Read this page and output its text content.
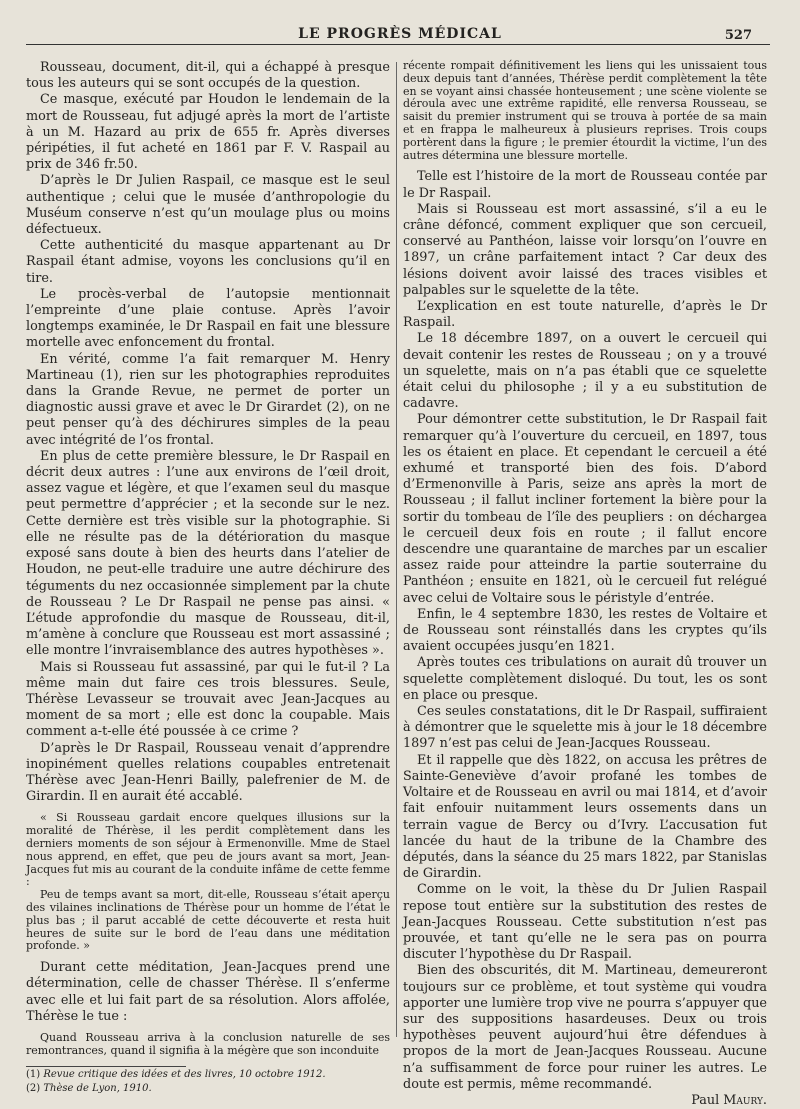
LE PROGRÈS MÉDICAL	527

Rousseau, document, dit-il, qui a échappé à presque tous les auteurs qui se sont occupés de la question.

Ce masque, exécuté par Houdon le lendemain de la mort de Rousseau, fut adjugé après la mort de l’artiste à un M. Hazard au prix de 655 fr. Après diverses péripéties, il fut acheté en 1861 par F. V. Raspail au prix de 346 fr.50.

D’après le Dr Julien Raspail, ce masque est le seul authentique ; celui que le musée d’anthropologie du Muséum conserve n’est qu’un moulage plus ou moins défectueux.

Cette authenticité du masque appartenant au Dr Raspail étant admise, voyons les conclusions qu’il en tire.

Le procès-verbal de l’autopsie mentionnait l’empreinte d’une plaie contuse. Après l’avoir longtemps examinée, le Dr Raspail en fait une blessure mortelle avec enfoncement du frontal.

En vérité, comme l’a fait remarquer M. Henry Martineau (1), rien sur les photographies reproduites dans la Grande Revue, ne permet de porter un diagnostic aussi grave et avec le Dr Girardet (2), on ne peut penser qu’à des déchirures simples de la peau avec intégrité de l’os frontal.

En plus de cette première blessure, le Dr Raspail en décrit deux autres : l’une aux environs de l’œil droit, assez vague et légère, et que l’examen seul du masque peut permettre d’apprécier ; et la seconde sur le nez. Cette dernière est très visible sur la photographie. Si elle ne résulte pas de la détérioration du masque exposé sans doute à bien des heurts dans l’atelier de Houdon, ne peut-elle traduire une autre déchirure des téguments du nez occasionnée simplement par la chute de Rousseau ? Le Dr Raspail ne pense pas ainsi. « L’étude approfondie du masque de Rousseau, dit-il, m’amène à conclure que Rousseau est mort assassiné ; elle montre l’invraisemblance des autres hypothèses ».

Mais si Rousseau fut assassiné, par qui le fut-il ? La même main dut faire ces trois blessures. Seule, Thérèse Levasseur se trouvait avec Jean-Jacques au moment de sa mort ; elle est donc la coupable. Mais comment a-t-elle été poussée à ce crime ?

D’après le Dr Raspail, Rousseau venait d’apprendre inopinément quelles relations coupables entretenait Thérèse avec Jean-Henri Bailly, palefrenier de M. de Girardin. Il en aurait été accablé.

« Si Rousseau gardait encore quelques illusions sur la moralité de Thérèse, il les perdit complètement dans les derniers moments de son séjour à Ermenonville. Mme de Stael nous apprend, en effet, que peu de jours avant sa mort, Jean-Jacques fut mis au courant de la conduite infâme de cette femme :

Peu de temps avant sa mort, dit-elle, Rousseau s’était aperçu des vilaines inclinations de Thérèse pour un homme de l’état le plus bas ; il parut accablé de cette découverte et resta huit heures de suite sur le bord de l’eau dans une méditation profonde. »

Durant cette méditation, Jean-Jacques prend une détermination, celle de chasser Thérèse. Il s’enferme avec elle et lui fait part de sa résolution. Alors affolée, Thérèse le tue :

Quand Rousseau arriva à la conclusion naturelle de ses remontrances, quand il signifia à la mégère que son inconduite

(1) Revue critique des idées et des livres, 10 octobre 1912.
(2) Thèse de Lyon, 1910.

récente rompait définitivement les liens qui les unissaient tous deux depuis tant d’années, Thérèse perdit complètement la tête en se voyant ainsi chassée honteusement ; une scène violente se déroula avec une extrême rapidité, elle renversa Rousseau, se saisit du premier instrument qui se trouva à portée de sa main et en frappa le malheureux à plusieurs reprises. Trois coups portèrent dans la figure ; le premier étourdit la victime, l’un des autres détermina une blessure mortelle.

Telle est l’histoire de la mort de Rousseau contée par le Dr Raspail.

Mais si Rousseau est mort assassiné, s’il a eu le crâne défoncé, comment expliquer que son cercueil, conservé au Panthéon, laisse voir lorsqu’on l’ouvre en 1897, un crâne parfaitement intact ? Car deux des lésions doivent avoir laissé des traces visibles et palpables sur le squelette de la tête.

L’explication en est toute naturelle, d’après le Dr Raspail.

Le 18 décembre 1897, on a ouvert le cercueil qui devait contenir les restes de Rousseau ; on y a trouvé un squelette, mais on n’a pas établi que ce squelette était celui du philosophe ; il y a eu substitution de cadavre.

Pour démontrer cette substitution, le Dr Raspail fait remarquer qu’à l’ouverture du cercueil, en 1897, tous les os étaient en place. Et cependant le cercueil a été exhumé et transporté bien des fois. D’abord d’Ermenonville à Paris, seize ans après la mort de Rousseau ; il fallut incliner fortement la bière pour la sortir du tombeau de l’île des peupliers : on déchargea le cercueil deux fois en route ; il fallut encore descendre une quarantaine de marches par un escalier assez raide pour atteindre la partie souterraine du Panthéon ; ensuite en 1821, où le cercueil fut relégué avec celui de Voltaire sous le péristyle d’entrée.

Enfin, le 4 septembre 1830, les restes de Voltaire et de Rousseau sont réinstallés dans les cryptes qu’ils avaient occupées jusqu’en 1821.

Après toutes ces tribulations on aurait dû trouver un squelette complètement disloqué. Du tout, les os sont en place ou presque.

Ces seules constatations, dit le Dr Raspail, suffiraient à démontrer que le squelette mis à jour le 18 décembre 1897 n’est pas celui de Jean-Jacques Rousseau.

Et il rappelle que dès 1822, on accusa les prêtres de Sainte-Geneviève d’avoir profané les tombes de Voltaire et de Rousseau en avril ou mai 1814, et d’avoir fait enfouir nuitamment leurs ossements dans un terrain vague de Bercy ou d’Ivry. L’accusation fut lancée du haut de la tribune de la Chambre des députés, dans la séance du 25 mars 1822, par Stanislas de Girardin.

Comme on le voit, la thèse du Dr Julien Raspail repose tout entière sur la substitution des restes de Jean-Jacques Rousseau. Cette substitution n’est pas prouvée, et tant qu’elle ne le sera pas on pourra discuter l’hypothèse du Dr Raspail.

Bien des obscurités, dit M. Martineau, demeureront toujours sur ce problème, et tout système qui voudra apporter une lumière trop vive ne pourra s’appuyer que sur des suppositions hasardeuses. Deux ou trois hypothèses peuvent aujourd’hui être défendues à propos de la mort de Jean-Jacques Rousseau. Aucune n’a suffisamment de force pour ruiner les autres. Le doute est permis, même recommandé.

Paul Maury.
